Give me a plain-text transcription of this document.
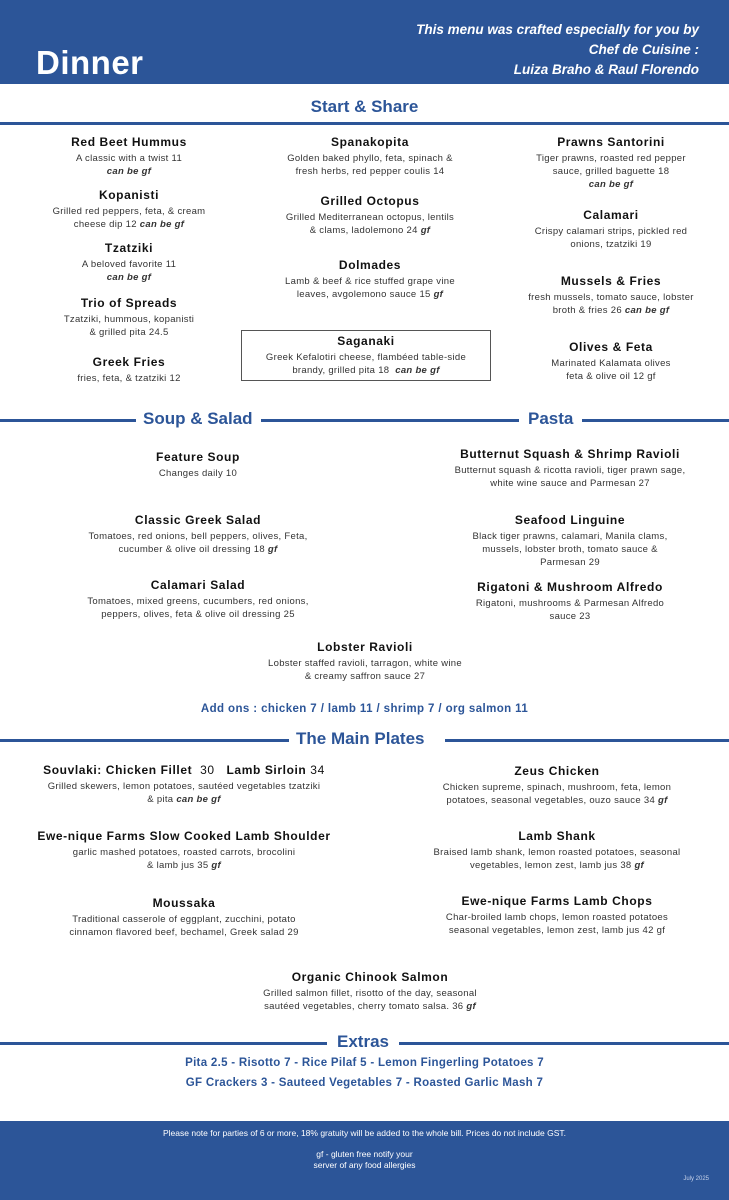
Dinner
This menu was crafted especially for you by
Chef de Cuisine :
Luiza Braho & Raul Florendo
Start & Share
Red Beet Hummus
A classic with a twist 11
can be gf
Kopanisti
Grilled red peppers, feta, & cream
cheese dip 12 can be gf
Tzatziki
A beloved favorite 11
can be gf
Trio of Spreads
Tzatziki, hummous, kopanisti
& grilled pita 24.5
Greek Fries
fries, feta, & tzatziki 12
Spanakopita
Golden baked phyllo, feta, spinach &
fresh herbs, red pepper coulis 14
Grilled Octopus
Grilled Mediterranean octopus, lentils
& clams, ladolemono 24 gf
Dolmades
Lamb & beef & rice stuffed grape vine
leaves, avgolemono sauce 15 gf
Saganaki
Greek Kefalotiri cheese, flambéed table-side
brandy, grilled pita 18 can be gf
Prawns Santorini
Tiger prawns, roasted red pepper
sauce, grilled baguette 18
can be gf
Calamari
Crispy calamari strips, pickled red
onions, tzatziki 19
Mussels & Fries
fresh mussels, tomato sauce, lobster
broth & fries 26 can be gf
Olives & Feta
Marinated Kalamata olives
feta & olive oil 12 gf
Soup & Salad	Pasta
Feature Soup
Changes daily 10
Classic Greek Salad
Tomatoes, red onions, bell peppers, olives, Feta,
cucumber & olive oil dressing 18 gf
Calamari Salad
Tomatoes, mixed greens, cucumbers, red onions,
peppers, olives, feta & olive oil dressing 25
Butternut Squash & Shrimp Ravioli
Butternut squash & ricotta ravioli, tiger prawn sage,
white wine sauce and Parmesan 27
Seafood Linguine
Black tiger prawns, calamari, Manila clams,
mussels, lobster broth, tomato sauce &
Parmesan 29
Rigatoni & Mushroom Alfredo
Rigatoni, mushrooms & Parmesan Alfredo
sauce 23
Lobster Ravioli
Lobster staffed ravioli, tarragon, white wine
& creamy saffron sauce 27
Add ons : chicken 7 / lamb 11 / shrimp 7 / org salmon 11
The Main Plates
Souvlaki: Chicken Fillet 30 Lamb Sirloin 34
Grilled skewers, lemon potatoes, sautéed vegetables tzatziki
& pita can be gf
Zeus Chicken
Chicken supreme, spinach, mushroom, feta, lemon
potatoes, seasonal vegetables, ouzo sauce 34 gf
Ewe-nique Farms Slow Cooked Lamb Shoulder
garlic mashed potatoes, roasted carrots, brocolini
& lamb jus 35 gf
Lamb Shank
Braised lamb shank, lemon roasted potatoes, seasonal
vegetables, lemon zest, lamb jus 38 gf
Moussaka
Traditional casserole of eggplant, zucchini, potato
cinnamon flavored beef, bechamel, Greek salad 29
Ewe-nique Farms Lamb Chops
Char-broiled lamb chops, lemon roasted potatoes
seasonal vegetables, lemon zest, lamb jus 42 gf
Organic Chinook Salmon
Grilled salmon fillet, risotto of the day, seasonal
sautéed vegetables, cherry tomato salsa. 36 gf
Extras
Pita 2.5 - Risotto 7 - Rice Pilaf 5 - Lemon Fingerling Potatoes 7
GF Crackers 3 - Sauteed Vegetables 7 - Roasted Garlic Mash 7
Please note for parties of 6 or more, 18% gratuity will be added to the whole bill. Prices do not include GST.
gf - gluten free notify your
server of any food allergies
July 2025
